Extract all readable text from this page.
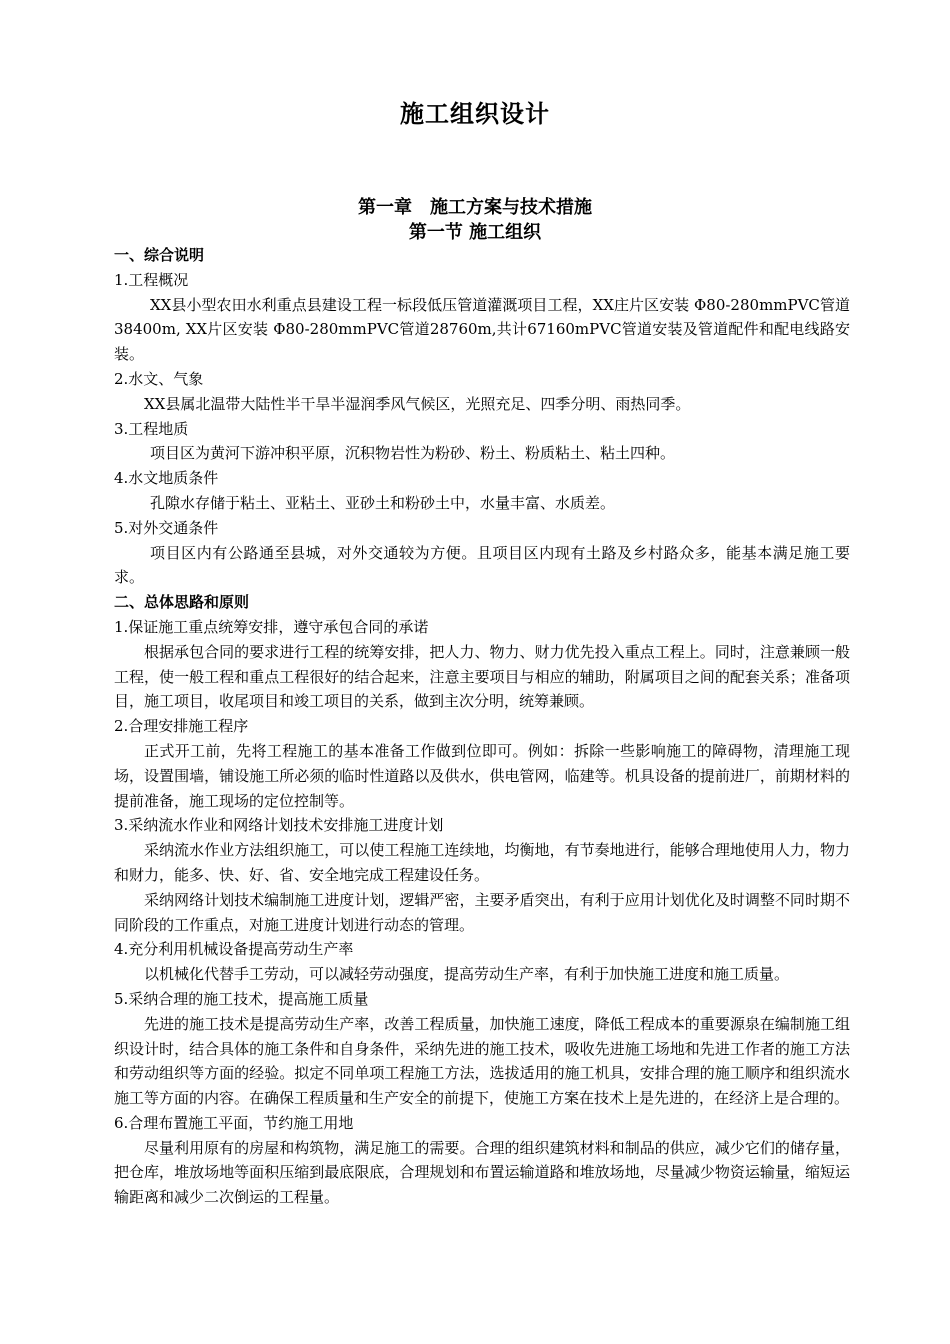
施工组织设计
第一章　施工方案与技术措施
第一节 施工组织

一、综合说明

1.工程概况

XX县小型农田水利重点县建设工程一标段低压管道灌溉项目工程，XX庄片区安装 Φ80-280mmPVC管道38400m, XX片区安装 Φ80-280mmPVC管道28760m,共计67160mPVC管道安装及管道配件和配电线路安装。

2.水文、气象

XX县属北温带大陆性半干旱半湿润季风气候区，光照充足、四季分明、雨热同季。

3.工程地质

项目区为黄河下游冲积平原，沉积物岩性为粉砂、粉土、粉质粘土、粘土四种。

4.水文地质条件

孔隙水存储于粘土、亚粘土、亚砂土和粉砂土中，水量丰富、水质差。

5.对外交通条件

项目区内有公路通至县城，对外交通较为方便。且项目区内现有土路及乡村路众多，能基本满足施工要求。

二、总体思路和原则

1.保证施工重点统筹安排，遵守承包合同的承诺

根据承包合同的要求进行工程的统筹安排，把人力、物力、财力优先投入重点工程上。同时，注意兼顾一般工程，使一般工程和重点工程很好的结合起来，注意主要项目与相应的辅助，附属项目之间的配套关系；准备项目，施工项目，收尾项目和竣工项目的关系，做到主次分明，统筹兼顾。

2.合理安排施工程序

正式开工前，先将工程施工的基本准备工作做到位即可。例如：拆除一些影响施工的障碍物，清理施工现场，设置围墙，铺设施工所必须的临时性道路以及供水，供电管网，临建等。机具设备的提前进厂，前期材料的提前准备，施工现场的定位控制等。

3.采纳流水作业和网络计划技术安排施工进度计划

采纳流水作业方法组织施工，可以使工程施工连续地，均衡地，有节奏地进行，能够合理地使用人力，物力和财力，能多、快、好、省、安全地完成工程建设任务。

采纳网络计划技术编制施工进度计划，逻辑严密，主要矛盾突出，有利于应用计划优化及时调整不同时期不同阶段的工作重点，对施工进度计划进行动态的管理。

4.充分利用机械设备提高劳动生产率

以机械化代替手工劳动，可以减轻劳动强度，提高劳动生产率，有利于加快施工进度和施工质量。

5.采纳合理的施工技术，提高施工质量

先进的施工技术是提高劳动生产率，改善工程质量，加快施工速度，降低工程成本的重要源泉在编制施工组织设计时，结合具体的施工条件和自身条件，采纳先进的施工技术，吸收先进施工场地和先进工作者的施工方法和劳动组织等方面的经验。拟定不同单项工程施工方法，选拔适用的施工机具，安排合理的施工顺序和组织流水施工等方面的内容。在确保工程质量和生产安全的前提下，使施工方案在技术上是先进的，在经济上是合理的。

6.合理布置施工平面，节约施工用地

尽量利用原有的房屋和构筑物，满足施工的需要。合理的组织建筑材料和制品的供应，减少它们的储存量，把仓库，堆放场地等面积压缩到最底限底，合理规划和布置运输道路和堆放场地，尽量减少物资运输量，缩短运输距离和减少二次倒运的工程量。
